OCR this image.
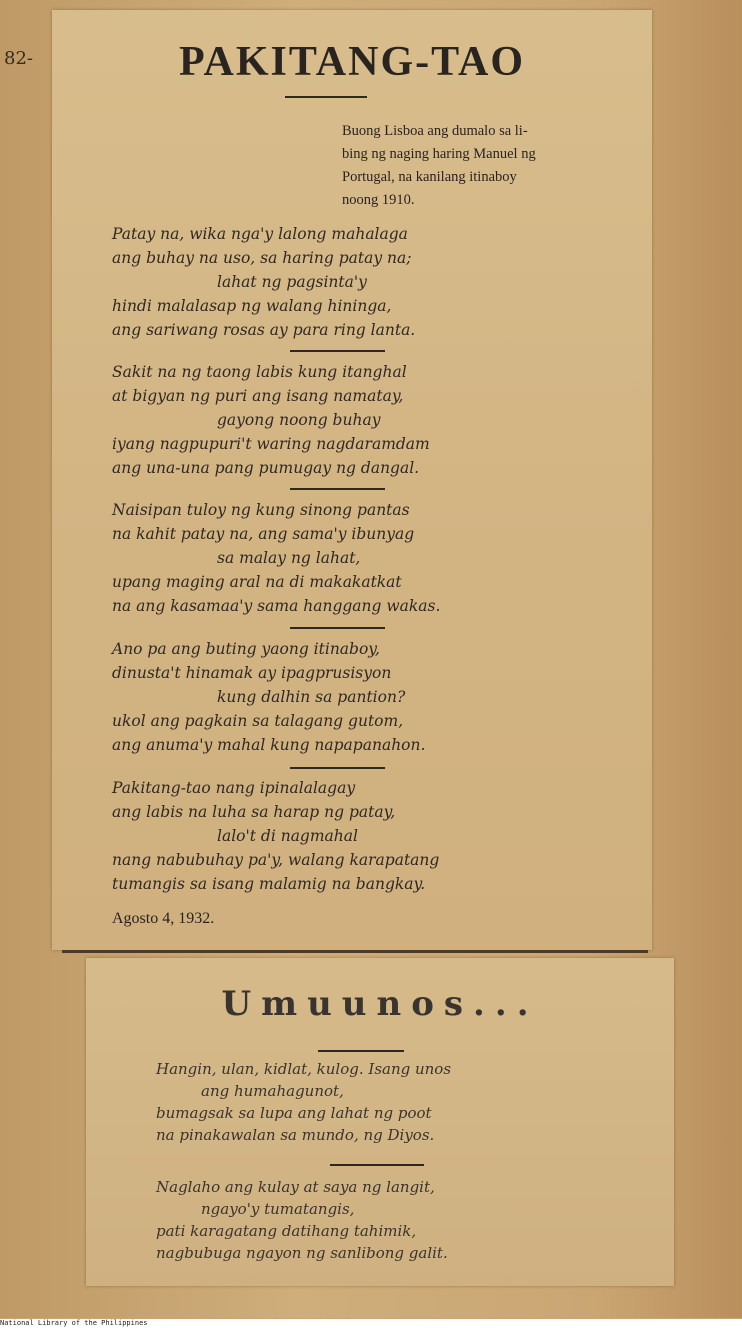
82-	PAKITANG-TAO
Buong Lisboa ang dumalo sa li-
bing ng naging haring Manuel ng
Portugal, na kanilang itinaboy
noong 1910.
Patay na, wika nga'y lalong mahalaga
ang buhay na uso, sa haring patay na;
lahat ng pagsinta'y
hindi malalasap ng walang hininga,
ang sariwang rosas ay para ring lanta.
Sakit na ng taong labis kung itanghal
at bigyan ng puri ang isang namatay,
gayong noong buhay
iyang nagpupuri't waring nagdaramdam
ang una-una pang pumugay ng dangal.
Naisipan tuloy ng kung sinong pantas
na kahit patay na, ang sama'y ibunyag
sa malay ng lahat,
upang maging aral na di makakatkat
na ang kasamaa'y sama hanggang wakas.
Ano pa ang buting yaong itinaboy,
dinusta't hinamak ay ipagprusisyon
kung dalhin sa pantion?
ukol ang pagkain sa talagang gutom,
ang anuma'y mahal kung napapanahon.
Pakitang-tao nang ipinalalagay
ang labis na luha sa harap ng patay,
lalo't di nagmahal
nang nabubuhay pa'y, walang karapatang
tumangis sa isang malamig na bangkay.
Agosto 4, 1932.
Umuunos...
Hangin, ulan, kidlat, kulog. Isang unos
ang humahagunot,
bumagsak sa lupa ang lahat ng poot
na pinakawalan sa mundo, ng Diyos.
Naglaho ang kulay at saya ng langit,
ngayo'y tumatangis,
pati karagatang datihang tahimik,
nagbubuga ngayon ng sanlibong galit.
National Library of the Philippines
